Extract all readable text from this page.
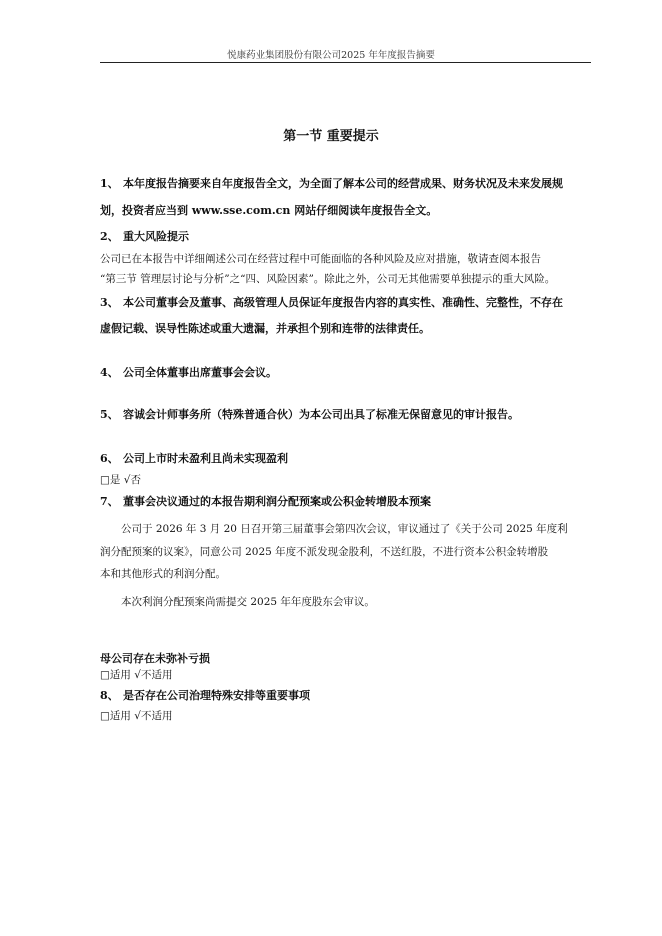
悦康药业集团股份有限公司2025 年年度报告摘要
第一节 重要提示
1、 本年度报告摘要来自年度报告全文，为全面了解本公司的经营成果、财务状况及未来发展规
划，投资者应当到 www.sse.com.cn 网站仔细阅读年度报告全文。
2、 重大风险提示
公司已在本报告中详细阐述公司在经营过程中可能面临的各种风险及应对措施，敬请查阅本报告
“第三节 管理层讨论与分析”之“四、风险因素”。除此之外，公司无其他需要单独提示的重大风险。
3、 本公司董事会及董事、高级管理人员保证年度报告内容的真实性、准确性、完整性，不存在
虚假记载、误导性陈述或重大遗漏，并承担个别和连带的法律责任。
4、 公司全体董事出席董事会会议。
5、 容诚会计师事务所（特殊普通合伙）为本公司出具了标准无保留意见的审计报告。
6、 公司上市时未盈利且尚未实现盈利
□是 √否
7、 董事会决议通过的本报告期利润分配预案或公积金转增股本预案
公司于 2026 年 3 月 20 日召开第三届董事会第四次会议，审议通过了《关于公司 2025 年度利
润分配预案的议案》，同意公司 2025 年度不派发现金股利，不送红股，不进行资本公积金转增股
本和其他形式的利润分配。
本次利润分配预案尚需提交 2025 年年度股东会审议。
母公司存在未弥补亏损
□适用 √不适用
8、 是否存在公司治理特殊安排等重要事项
□适用 √不适用
